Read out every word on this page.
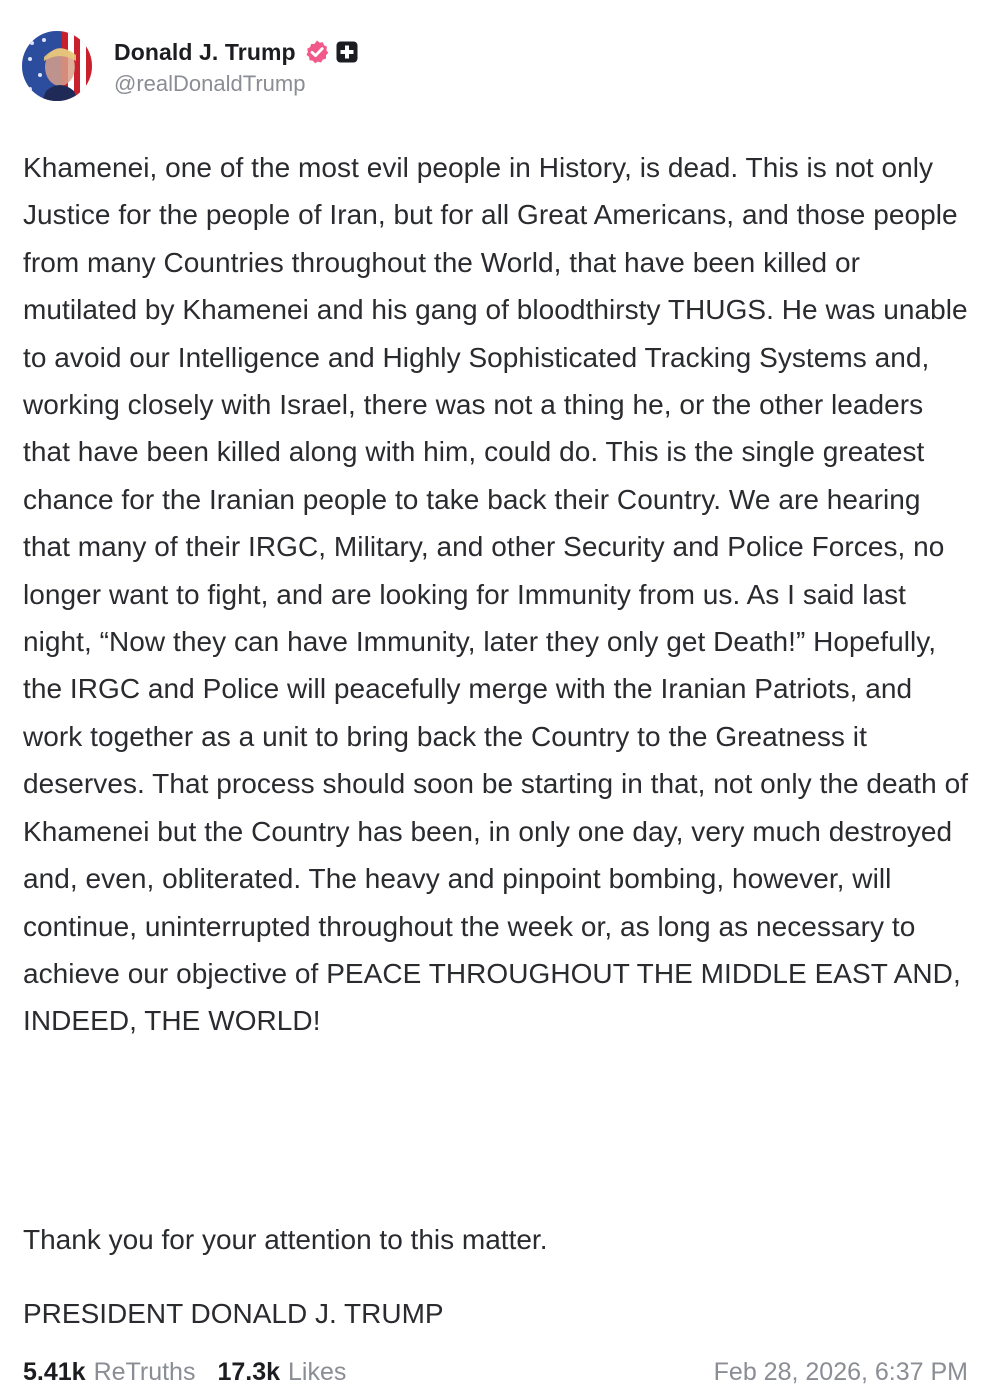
Donald J. Trump
@realDonaldTrump

Khamenei, one of the most evil people in History, is dead. This is not only Justice for the people of Iran, but for all Great Americans, and those people from many Countries throughout the World, that have been killed or mutilated by Khamenei and his gang of bloodthirsty THUGS. He was unable to avoid our Intelligence and Highly Sophisticated Tracking Systems and, working closely with Israel, there was not a thing he, or the other leaders that have been killed along with him, could do. This is the single greatest chance for the Iranian people to take back their Country. We are hearing that many of their IRGC, Military, and other Security and Police Forces, no longer want to fight, and are looking for Immunity from us. As I said last night, “Now they can have Immunity, later they only get Death!” Hopefully, the IRGC and Police will peacefully merge with the Iranian Patriots, and work together as a unit to bring back the Country to the Greatness it deserves. That process should soon be starting in that, not only the death of Khamenei but the Country has been, in only one day, very much destroyed and, even, obliterated. The heavy and pinpoint bombing, however, will continue, uninterrupted throughout the week or, as long as necessary to achieve our objective of PEACE THROUGHOUT THE MIDDLE EAST AND, INDEED, THE WORLD!

Thank you for your attention to this matter.
PRESIDENT DONALD J. TRUMP
5.41k ReTruths 17.3k Likes	Feb 28, 2026, 6:37 PM
